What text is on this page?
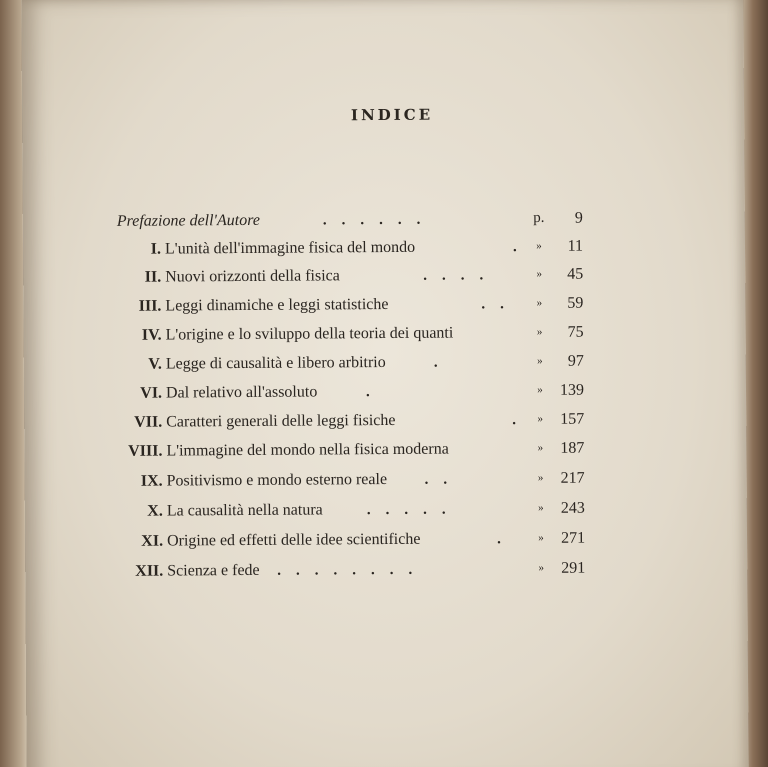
INDICE
Prefazione dell'Autore	......	p. 9
I. L'unità dell'immagine fisica del mondo	. »	11
II. Nuovi orizzonti della fisica	....	»	45
III. Leggi dinamiche e leggi statistiche	..	»	59
IV. L'origine e lo sviluppo della teoria dei quanti	»	75
V. Legge di causalità e libero arbitrio	.	»	97
VI. Dal relativo all'assoluto	.	»	139
VII. Caratteri generali delle leggi fisiche	. »	157
VIII. L'immagine del mondo nella fisica moderna	»	187
IX. Positivismo e mondo esterno reale ..	»	217
X. La causalità nella natura	.....	»	243
XI. Origine ed effetti delle idee scientifiche	.	»	271
XII. Scienza e fede ........	»	291
